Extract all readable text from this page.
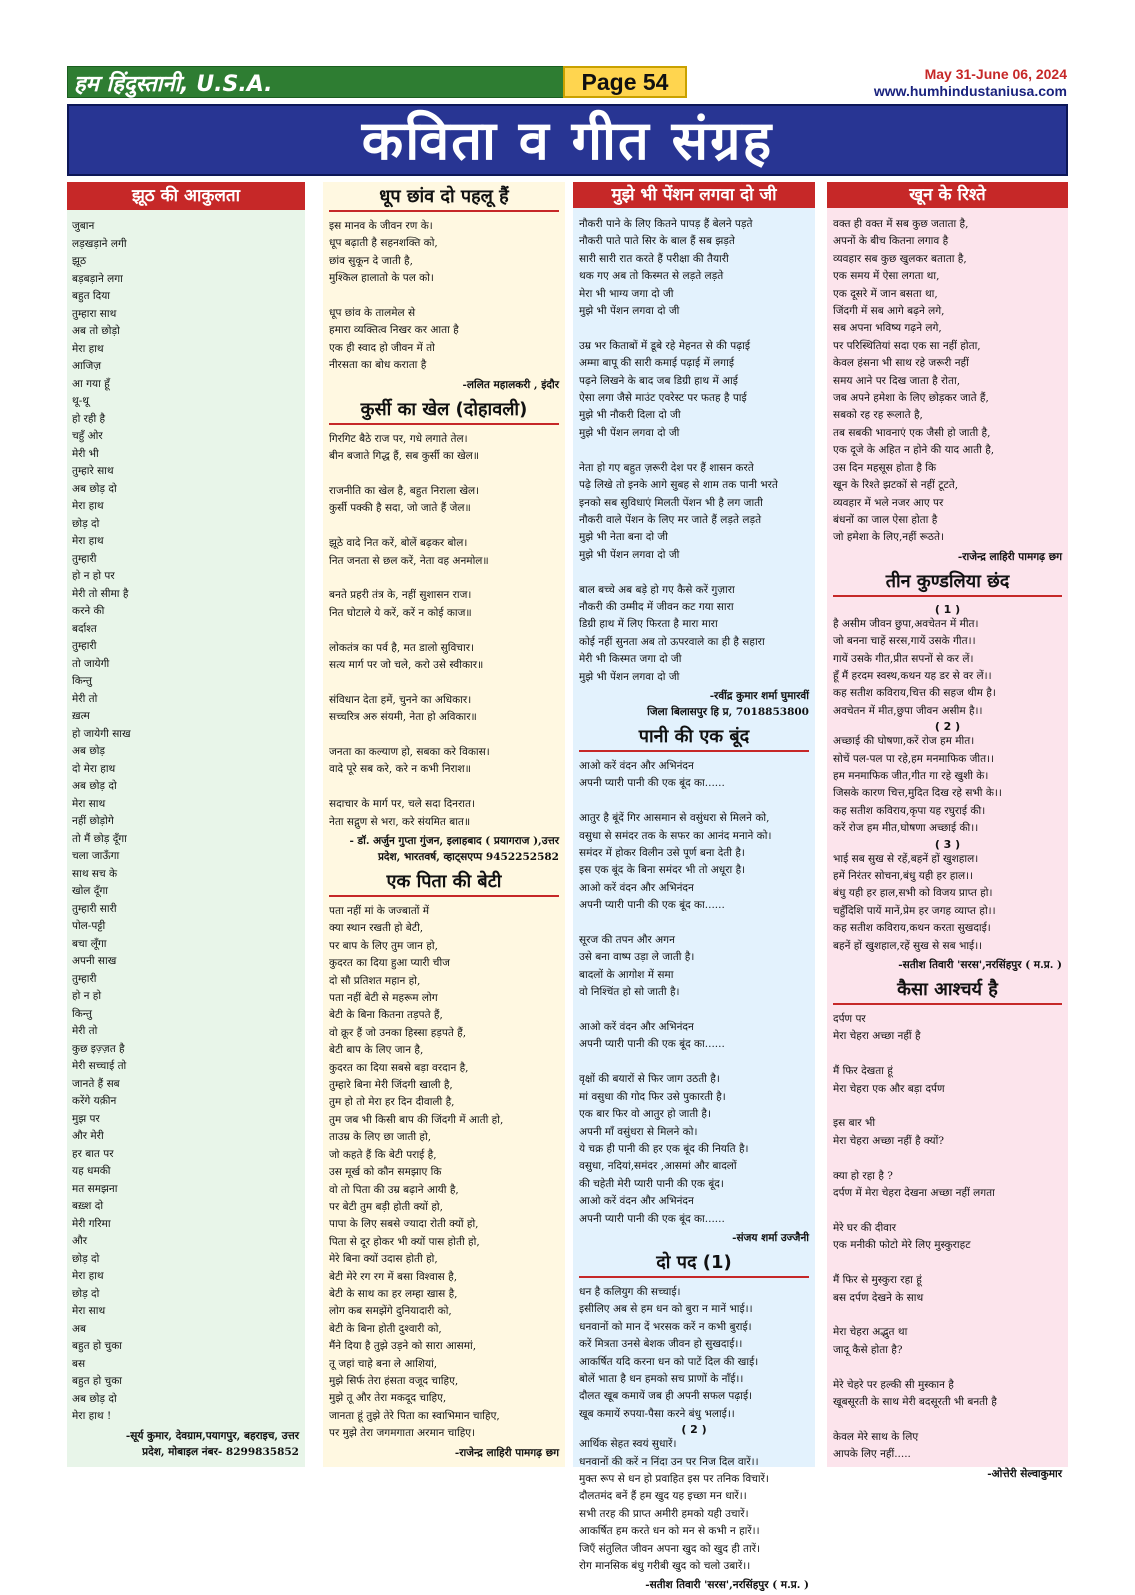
हम हिंदुस्तानी, U.S.A.	Page 54	May 31-June 06, 2024
www.humhindustaniusa.com
कविता व गीत संग्रह
झूठ की आकुलता
जुबान
लड़खड़ाने लगी
झूठ
बड़बड़ाने लगा
बहुत दिया
तुम्हारा साथ
अब तो छोड़ो
मेरा हाथ
आजिज़
आ गया हूँ
थू-थू
हो रही है
चहुँ ओर
मेरी भी
तुम्हारे साथ
अब छोड़ दो
मेरा हाथ
छोड़ दो
मेरा हाथ
तुम्हारी
हो न हो पर
मेरी तो सीमा है
करने की
बर्दाश्त
तुम्हारी
तो जायेगी
किन्तु
मेरी तो
ख़त्म
हो जायेगी साख
अब छोड़
दो मेरा हाथ
अब छोड़ दो
मेरा साथ
नहीं छोड़ोगे
तो मैं छोड़ दूँगा
चला जाऊँगा
साथ सच के
खोल दूँगा
तुम्हारी सारी
पोल-पट्टी
बचा लूँगा
अपनी साख
तुम्हारी
हो न हो
किन्तु
मेरी तो
कुछ इज़्ज़त है
मेरी सच्चाई तो
जानते हैं सब
करेंगे यक़ीन
मुझ पर
और मेरी
हर बात पर
यह धमकी
मत समझना
बख़्श दो
मेरी गरिमा
और
छोड़ दो
मेरा हाथ
छोड़ दो
मेरा साथ
अब
बहुत हो चुका
बस
बहुत हो चुका
अब छोड़ दो
मेरा हाथ !
-सूर्य कुमार, देवग्राम,पयागपुर, बहराइच, उत्तर
प्रदेश, मोबाइल नंबर- 8299835852
धूप छांव दो पहलू हैं
इस मानव के जीवन रण के।
धूप बढ़ाती है सहनशक्ति को,
छांव सुकून दे जाती है,
मुश्किल हालातो के पल को।

धूप छांव के तालमेल से
हमारा व्यक्तित्व निखर कर आता है
एक ही स्वाद हो जीवन में तो
नीरसता का बोध कराता है
-ललित महालकरी , इंदौर
कुर्सी का खेल (दोहावली)
गिरगिट बैठे राज पर, गधे लगाते तेल।
बीन बजाते गिद्ध हैं, सब कुर्सी का खेल॥

राजनीति का खेल है, बहुत निराला खेल।
कुर्सी पक्की है सदा, जो जाते हैं जेल॥

झूठे वादे नित करें, बोलें बढ़कर बोल।
नित जनता से छल करें, नेता वह अनमोल॥

बनते प्रहरी तंत्र के, नहीं सुशासन राज।
नित घोटाले ये करें, करें न कोई काज॥

लोकतंत्र का पर्व है, मत डालो सुविचार।
सत्य मार्ग पर जो चले, करो उसे स्वीकार॥

संविधान देता हमें, चुनने का अधिकार।
सच्चरित्र अरु संयमी, नेता हो अविकार॥

जनता का कल्याण हो, सबका करे विकास।
वादे पूरे सब करे, करे न कभी निराश॥

सदाचार के मार्ग पर, चले सदा दिनरात।
नेता सद्गुण से भरा, करे संयमित बात॥
- डॉ. अर्जुन गुप्ता गुंजन, इलाहबाद ( प्रयागराज ),उत्तर
प्रदेश, भारतवर्ष, व्हाट्सएप्प 9452252582
एक पिता की बेटी
पता नहीं मां के जज्बातों में
क्या स्थान रखती हो बेटी,
पर बाप के लिए तुम जान हो,
कुदरत का दिया हुआ प्यारी चीज
दो सौ प्रतिशत महान हो,
पता नहीं बेटी से महरूम लोग
बेटी के बिना कितना तड़पते हैं,
वो क्रूर हैं जो उनका हिस्सा हड़पते हैं,
बेटी बाप के लिए जान है,
कुदरत का दिया सबसे बड़ा वरदान है,
तुम्हारे बिना मेरी जिंदगी खाली है,
तुम हो तो मेरा हर दिन दीवाली है,
तुम जब भी किसी बाप की जिंदगी में आती हो,
ताउम्र के लिए छा जाती हो,
जो कहते हैं कि बेटी पराई है,
उस मूर्ख को कौन समझाए कि
वो तो पिता की उम्र बढ़ाने आयी है,
पर बेटी तुम बड़ी होती क्यों हो,
पापा के लिए सबसे ज्यादा रोती क्यों हो,
पिता से दूर होकर भी क्यों पास होती हो,
मेरे बिना क्यों उदास होती हो,
बेटी मेरे रग रग में बसा विश्वास है,
बेटी के साथ का हर लम्हा खास है,
लोग कब समझेंगे दुनियादारी को,
बेटी के बिना होती दुश्वारी को,
मैंने दिया है तुझे उड़ने को सारा आसमां,
तू जहां चाहे बना ले आशियां,
मुझे सिर्फ तेरा हंसता वजूद चाहिए,
मुझे तू और तेरा मकदूद चाहिए,
जानता हूं तुझे तेरे पिता का स्वाभिमान चाहिए,
पर मुझे तेरा जगमगाता अरमान चाहिए।
-राजेन्द्र लाहिरी पामगढ़ छग
मुझे भी पेंशन लगवा दो जी
नौकरी पाने के लिए कितने पापड़ हैं बेलने पड़ते
नौकरी पाते पाते सिर के बाल हैं सब झड़ते
सारी सारी रात करते हैं परीक्षा की तैयारी
थक गए अब तो किस्मत से लड़ते लड़ते
मेरा भी भाग्य जगा दो जी
मुझे भी पेंशन लगवा दो जी

उम्र भर किताबों में डूबे रहे मेहनत से की पढ़ाई
अम्मा बापू की सारी कमाई पढ़ाई में लगाई
पढ़ने लिखने के बाद जब डिग्री हाथ में आई
ऐसा लगा जैसे माउंट एवरेस्ट पर फतह है पाई
मुझे भी नौकरी दिला दो जी
मुझे भी पेंशन लगवा दो जी

नेता हो गए बहुत ज़रूरी देश पर हैं शासन करते
पढ़े लिखे तो इनके आगे सुबह से शाम तक पानी भरते
इनको सब सुविधाएं मिलती पेंशन भी है लग जाती
नौकरी वाले पेंशन के लिए मर जाते हैं लड़ते लड़ते
मुझे भी नेता बना दो जी
मुझे भी पेंशन लगवा दो जी

बाल बच्चे अब बड़े हो गए कैसे करें गुज़ारा
नौकरी की उम्मीद में जीवन कट गया सारा
डिग्री हाथ में लिए फिरता है मारा मारा
कोई नहीं सुनता अब तो ऊपरवाले का ही है सहारा
मेरी भी किस्मत जगा दो जी
मुझे भी पेंशन लगवा दो जी
-रवींद्र कुमार शर्मा घुमारवीं
जिला बिलासपुर हि प्र, 7018853800
पानी की एक बूंद
आओ करें वंदन और अभिनंदन
अपनी प्यारी पानी की एक बूंद का......

आतुर है बूंदें गिर आसमान से वसुंधरा से मिलने को,
वसुधा से समंदर तक के सफर का आनंद मनाने को।
समंदर में होकर विलीन उसे पूर्ण बना देती है।
इस एक बूंद के बिना समंदर भी तो अधूरा है।
आओ करें वंदन और अभिनंदन
अपनी प्यारी पानी की एक बूंद का......

सूरज की तपन और अगन
उसे बना वाष्प उड़ा ले जाती है।
बादलों के आगोश में समा
वो निश्चिंत हो सो जाती है।

आओ करें वंदन और अभिनंदन
अपनी प्यारी पानी की एक बूंद का......

वृक्षों की बयारों से फिर जाग उठती है।
मां वसुधा की गोद फिर उसे पुकारती है।
एक बार फिर वो आतुर हो जाती है।
अपनी माँ वसुंधरा से मिलने को।
ये चक्र ही पानी की हर एक बूंद की नियति है।
वसुधा, नदियां,समंदर ,आसमां और बादलों
की चहेती मेरी प्यारी पानी की एक बूंद।
आओ करें वंदन और अभिनंदन
अपनी प्यारी पानी की एक बूंद का......
-संजय शर्मा उज्जैनी
दो पद (1)
धन है कलियुग की सच्चाई।
इसीलिए अब से हम धन को बुरा न मानें भाई।।
धनवानों को मान दें भरसक करें न कभी बुराई।
करें मित्रता उनसे बेशक जीवन हो सुखदाई।।
आकर्षित यदि करना धन को पाटें दिल की खाई।
बोलें भाता है धन हमको सच प्राणों के नाँई।।
दौलत खूब कमायें जब ही अपनी सफल पढ़ाई।
खूब कमायें रुपया-पैसा करने बंधु भलाई।।
( 2 )
आर्थिक सेहत स्वयं सुधारें।
धनवानों की करें न निंदा उन पर निज दिल वारें।।
मुक्त रूप से धन हो प्रवाहित इस पर तनिक विचारें।
दौलतमंद बनें हैं हम खुद यह इच्छा मन धारें।।
सभी तरह की प्राप्त अमीरी हमको यही उचारें।
आकर्षित हम करते धन को मन से कभी न हारें।।
जिएँ संतुलित जीवन अपना खुद को खुद ही तारें।
रोग मानसिक बंधु गरीबी खुद को चलो उबारें।।
-सतीश तिवारी 'सरस',नरसिंहपुर ( म.प्र. )
खून के रिश्ते
वक्त ही वक्त में सब कुछ जताता है,
अपनों के बीच कितना लगाव है
व्यवहार सब कुछ खुलकर बताता है,
एक समय में ऐसा लगता था,
एक दूसरे में जान बसता था,
जिंदगी में सब आगे बढ़ने लगे,
सब अपना भविष्य गढ़ने लगे,
पर परिस्थितियां सदा एक सा नहीं होता,
केवल हंसना भी साथ रहे जरूरी नहीं
समय आने पर दिख जाता है रोता,
जब अपने हमेशा के लिए छोड़कर जाते हैं,
सबको रह रह रूलाते है,
तब सबकी भावनाएं एक जैसी हो जाती है,
एक दूजे के अहित न होने की याद आती है,
उस दिन महसूस होता है कि
खून के रिश्ते झटकों से नहीं टूटते,
व्यवहार में भले नजर आए पर
बंधनों का जाल ऐसा होता है
जो हमेशा के लिए,नहीं रूठते।
-राजेन्द्र लाहिरी पामगढ़ छग
तीन कुण्डलिया छंद
( 1 )
है असीम जीवन छुपा,अवचेतन में मीत।
जो बनना चाहें सरस,गायें उसके गीत।।
गायें उसके गीत,प्रीत सपनों से कर लें।
हूँ मैं हरदम स्वस्थ,कथन यह डर से वर लें।।
कह सतीश कविराय,चित्त की सहज थीम है।
अवचेतन में मीत,छुपा जीवन असीम है।।
( 2 )
अच्छाई की घोषणा,करें रोज हम मीत।
सोचें पल-पल पा रहे,हम मनमाफिक जीत।।
हम मनमाफिक जीत,गीत गा रहे खुशी के।
जिसके कारण चित्त,मुदित दिख रहे सभी के।।
कह सतीश कविराय,कृपा यह रघुराई की।
करें रोज हम मीत,घोषणा अच्छाई की।।
( 3 )
भाई सब सुख से रहें,बहनें हों खुशहाल।
हमें निरंतर सोचना,बंधु यही हर हाल।।
बंधु यही हर हाल,सभी को विजय प्राप्त हो।
चहुँदिशि पायें मानें,प्रेम हर जगह व्याप्त हो।।
कह सतीश कविराय,कथन करता सुखदाई।
बहनें हों खुशहाल,रहें सुख से सब भाई।।
-सतीश तिवारी 'सरस',नरसिंहपुर ( म.प्र. )
कैसा आश्चर्य है
दर्पण पर
मेरा चेहरा अच्छा नहीं है

मैं फिर देखता हूं
मेरा चेहरा एक और बड़ा दर्पण

इस बार भी
मेरा चेहरा अच्छा नहीं है क्यों?

क्या हो रहा है ?
दर्पण में मेरा चेहरा देखना अच्छा नहीं लगता

मेरे घर की दीवार
एक मनीकी फोटो मेरे लिए मुस्कुराहट

मैं फिर से मुस्कुरा रहा हूं
बस दर्पण देखने के साथ

मेरा चेहरा अद्भुत था
जादू कैसे होता है?

मेरे चेहरे पर हल्की सी मुस्कान है
खूबसूरती के साथ मेरी बदसूरती भी बनती है

केवल मेरे साथ के लिए
आपके लिए नहीं.....
-ओत्तेरी सेल्वाकुमार
